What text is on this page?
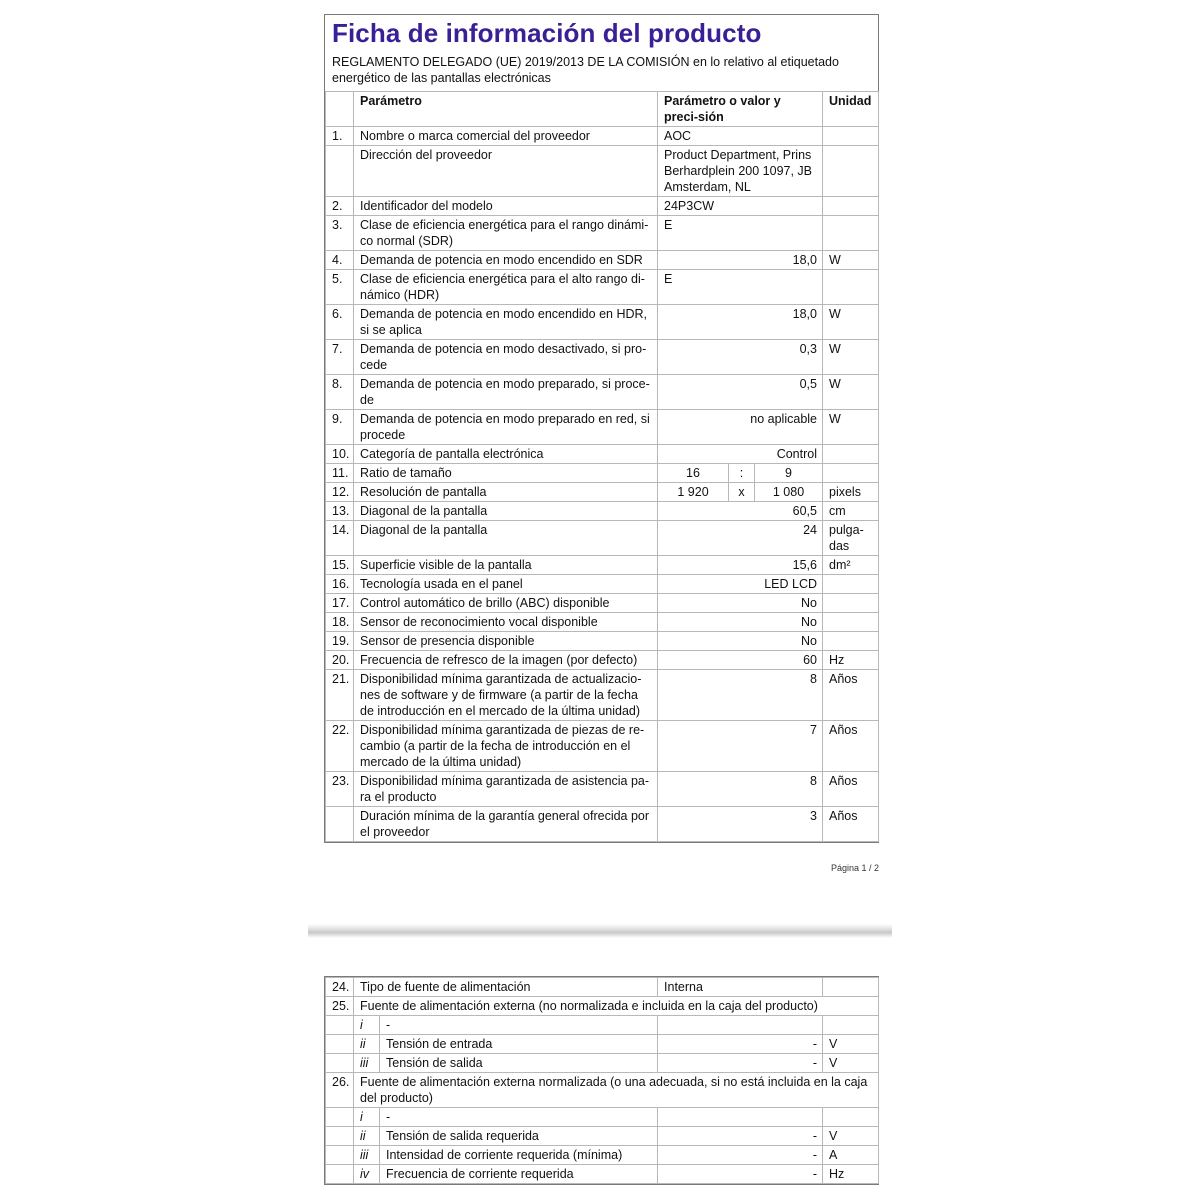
Ficha de información del producto
REGLAMENTO DELEGADO (UE) 2019/2013 DE LA COMISIÓN en lo relativo al etiquetado energético de las pantallas electrónicas
	Parámetro	Parámetro o valor y preci-sión			Unidad
1.	Nombre o marca comercial del proveedor	AOC			
	Dirección del proveedor	Product Department, Prins Berhardplein 200 1097, JB Amsterdam, NL			
2.	Identificador del modelo	24P3CW			
3.	Clase de eficiencia energética para el rango dinámi-co normal (SDR)	E			
4.	Demanda de potencia en modo encendido en SDR	18,0			W
5.	Clase de eficiencia energética para el alto rango di-námico (HDR)	E			
6.	Demanda de potencia en modo encendido en HDR, si se aplica	18,0			W
7.	Demanda de potencia en modo desactivado, si pro-cede	0,3			W
8.	Demanda de potencia en modo preparado, si proce-de	0,5			W
9.	Demanda de potencia en modo preparado en red, si procede	no aplicable			W
10.	Categoría de pantalla electrónica	Control			
11.	Ratio de tamaño	16	:	9	
12.	Resolución de pantalla	1 920	x	1 080	pixels
13.	Diagonal de la pantalla	60,5			cm
14.	Diagonal de la pantalla	24			pulga-das
15.	Superficie visible de la pantalla	15,6			dm²
16.	Tecnología usada en el panel	LED LCD			
17.	Control automático de brillo (ABC) disponible	No			
18.	Sensor de reconocimiento vocal disponible	No			
19.	Sensor de presencia disponible	No			
20.	Frecuencia de refresco de la imagen (por defecto)	60			Hz
21.	Disponibilidad mínima garantizada de actualizacio-nes de software y de firmware (a partir de la fecha de introducción en el mercado de la última unidad)	8			Años
22.	Disponibilidad mínima garantizada de piezas de re-cambio (a partir de la fecha de introducción en el mercado de la última unidad)	7			Años
23.	Disponibilidad mínima garantizada de asistencia pa-ra el producto	8			Años
	Duración mínima de la garantía general ofrecida por el proveedor	3			Años
Página 1 / 2
24.	Tipo de fuente de alimentación		Interna	
25.	Fuente de alimentación externa (no normalizada e incluida en la caja del producto)			
	i	-		
	ii	Tensión de entrada	-	V
	iii	Tensión de salida	-	V
26.	Fuente de alimentación externa normalizada (o una adecuada, si no está incluida en la caja del producto)			
	i	-		
	ii	Tensión de salida requerida	-	V
	iii	Intensidad de corriente requerida (mínima)	-	A
	iv	Frecuencia de corriente requerida	-	Hz
